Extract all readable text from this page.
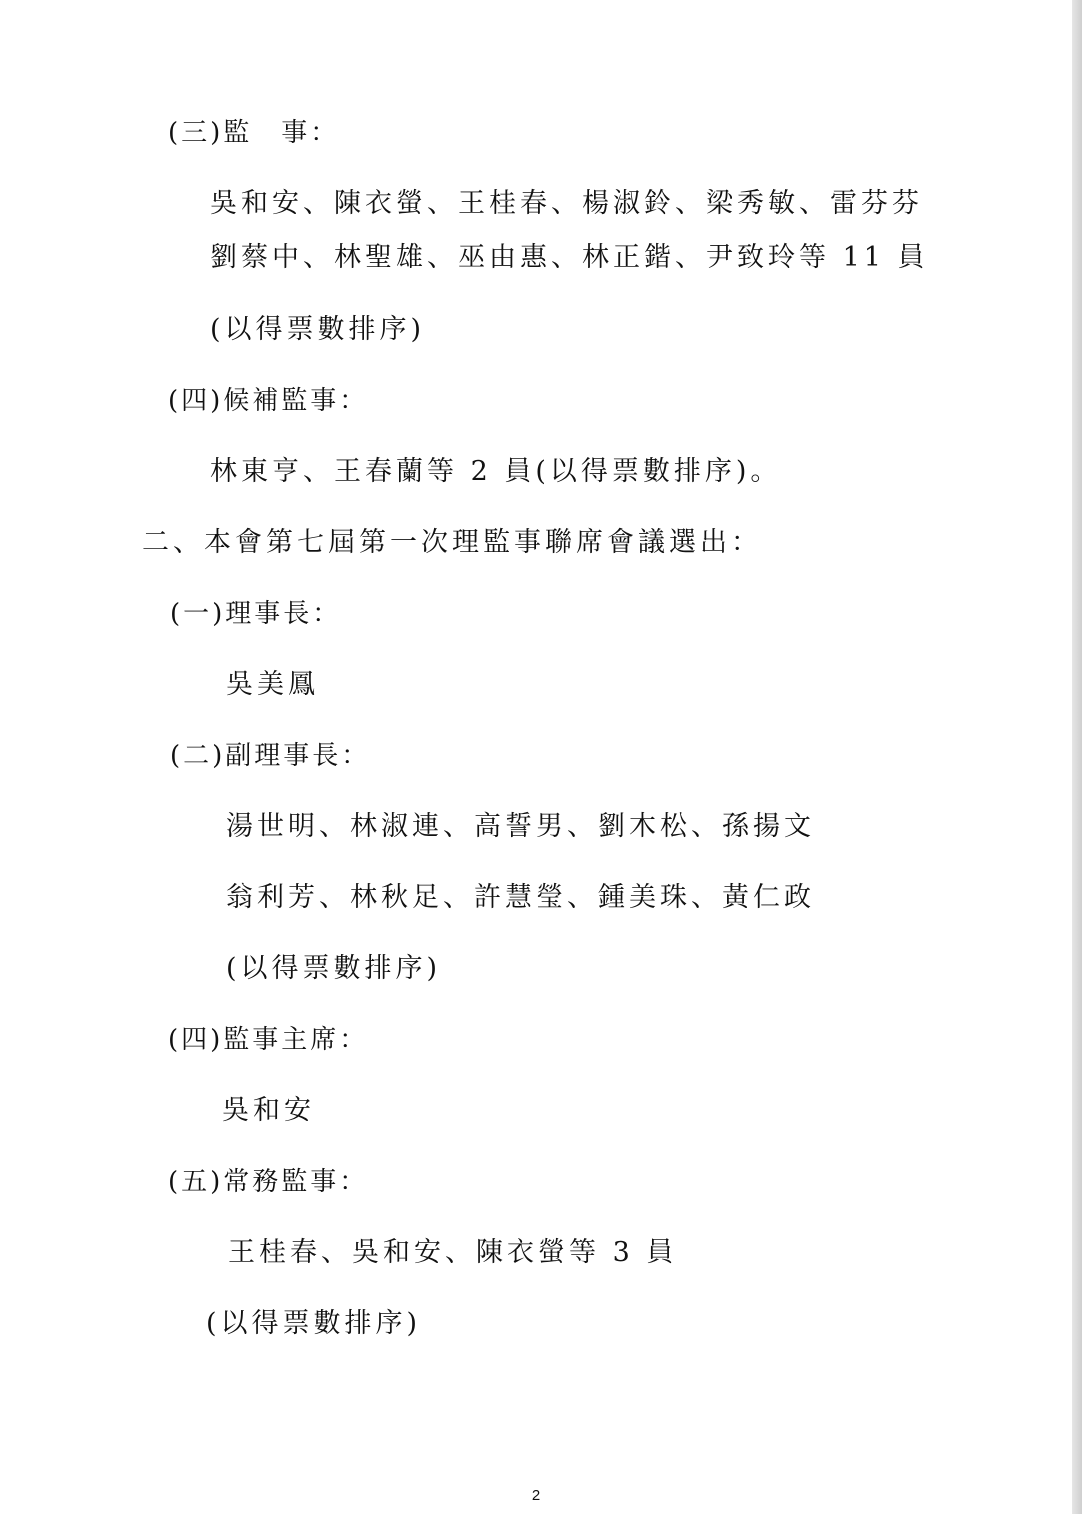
(三)監　事：
吳和安、陳衣螢、王桂春、楊淑鈴、梁秀敏、雷芬芬
劉蔡中、林聖雄、巫由惠、林正鍇、尹致玲等 11 員
(以得票數排序)
(四)候補監事：
林東亨、王春蘭等 2 員(以得票數排序)。
二、本會第七屆第一次理監事聯席會議選出：
(一)理事長：
吳美鳳
(二)副理事長：
湯世明、林淑連、高誓男、劉木松、孫揚文
翁利芳、林秋足、許慧瑩、鍾美珠、黃仁政
(以得票數排序)
(四)監事主席：
吳和安
(五)常務監事：
王桂春、吳和安、陳衣螢等 3 員
(以得票數排序)
2
